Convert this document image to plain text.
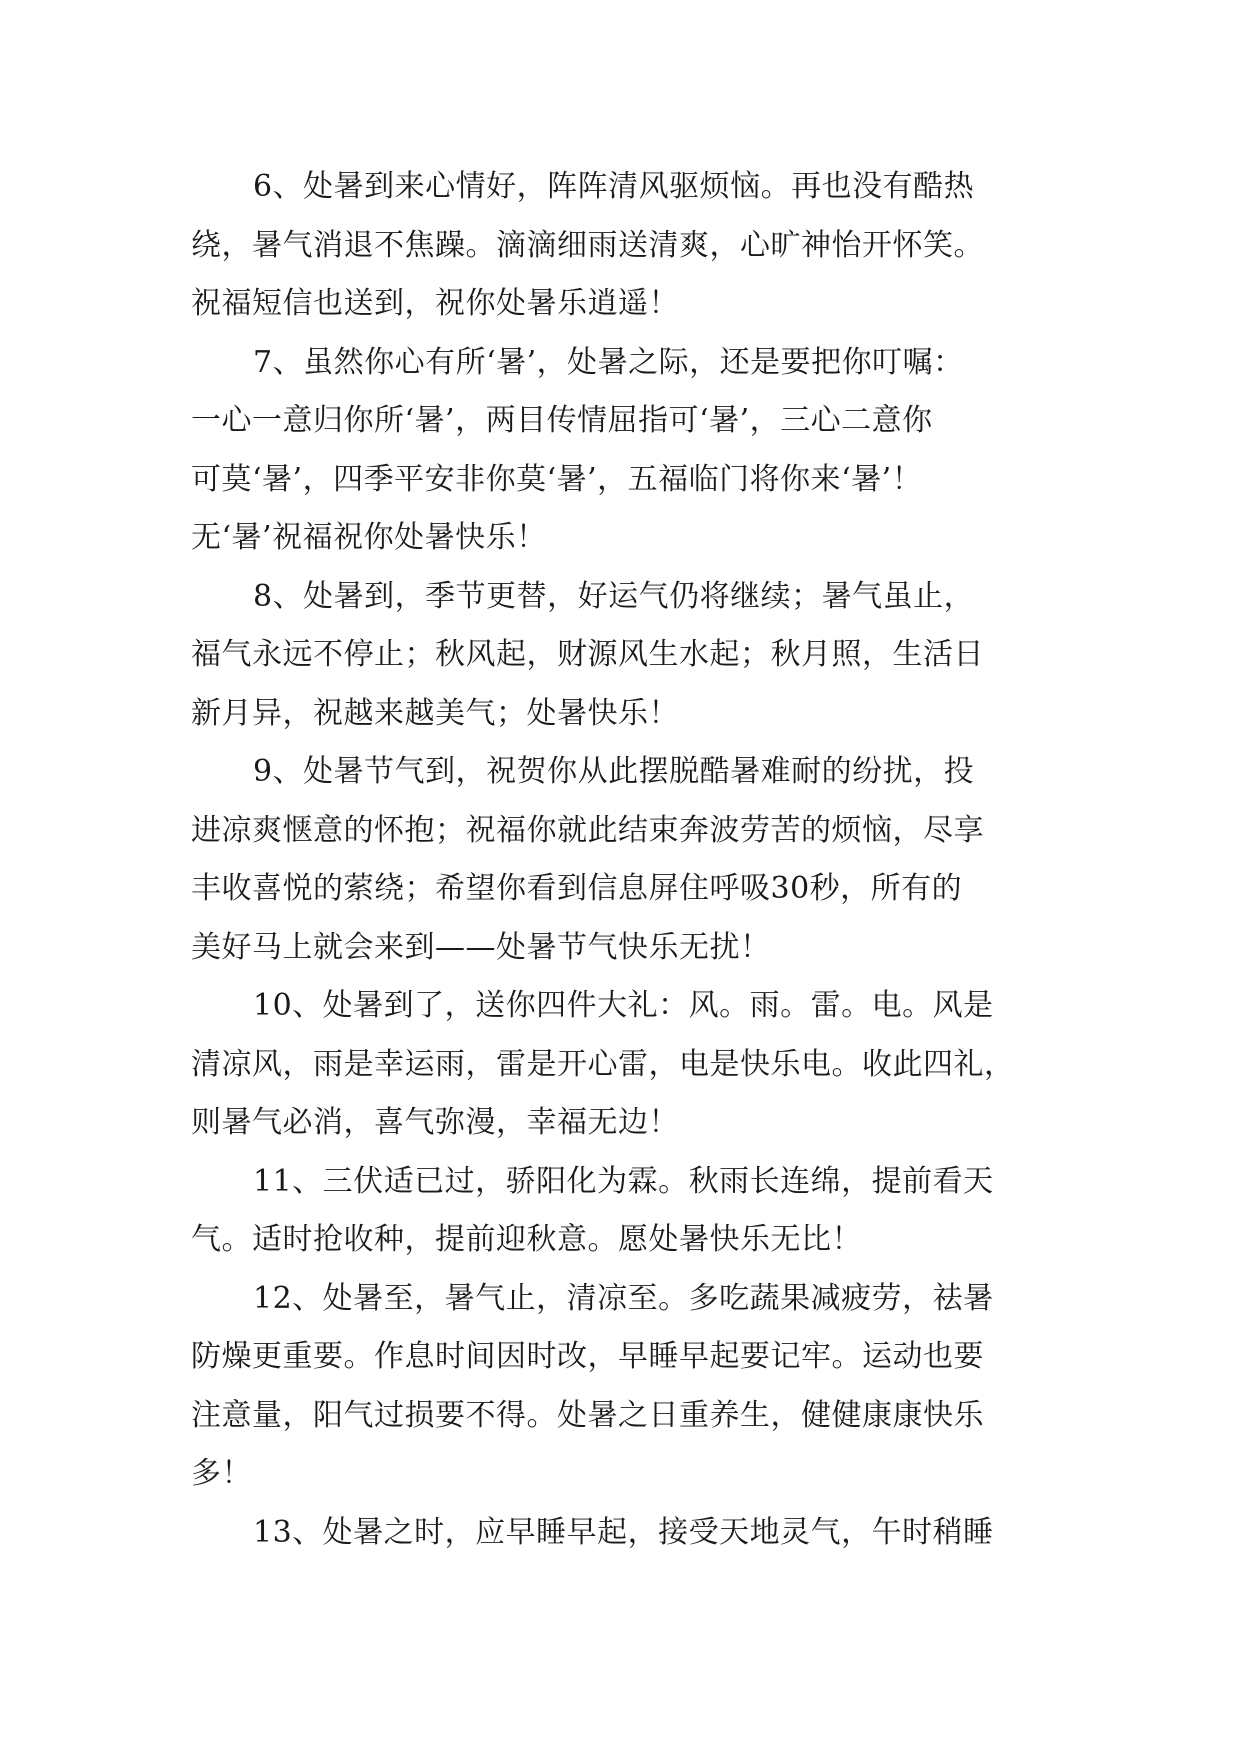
6、处暑到来心情好，阵阵清风驱烦恼。再也没有酷热
绕，暑气消退不焦躁。滴滴细雨送清爽，心旷神怡开怀笑。
祝福短信也送到，祝你处暑乐逍遥！
7、虽然你心有所‘暑’，处暑之际，还是要把你叮嘱：
一心一意归你所‘暑’，两目传情屈指可‘暑’，三心二意你
可莫‘暑’，四季平安非你莫‘暑’，五福临门将你来‘暑’！
无‘暑’祝福祝你处暑快乐！
8、处暑到，季节更替，好运气仍将继续；暑气虽止，
福气永远不停止；秋风起，财源风生水起；秋月照，生活日
新月异，祝越来越美气；处暑快乐！
9、处暑节气到，祝贺你从此摆脱酷暑难耐的纷扰，投
进凉爽惬意的怀抱；祝福你就此结束奔波劳苦的烦恼，尽享
丰收喜悦的萦绕；希望你看到信息屏住呼吸30秒，所有的
美好马上就会来到——处暑节气快乐无扰！
10、处暑到了，送你四件大礼：风。雨。雷。电。风是
清凉风，雨是幸运雨，雷是开心雷，电是快乐电。收此四礼，
则暑气必消，喜气弥漫，幸福无边！
11、三伏适已过，骄阳化为霖。秋雨长连绵，提前看天
气。适时抢收种，提前迎秋意。愿处暑快乐无比！
12、处暑至，暑气止，清凉至。多吃蔬果减疲劳，祛暑
防燥更重要。作息时间因时改，早睡早起要记牢。运动也要
注意量，阳气过损要不得。处暑之日重养生，健健康康快乐
多！
13、处暑之时，应早睡早起，接受天地灵气，午时稍睡
